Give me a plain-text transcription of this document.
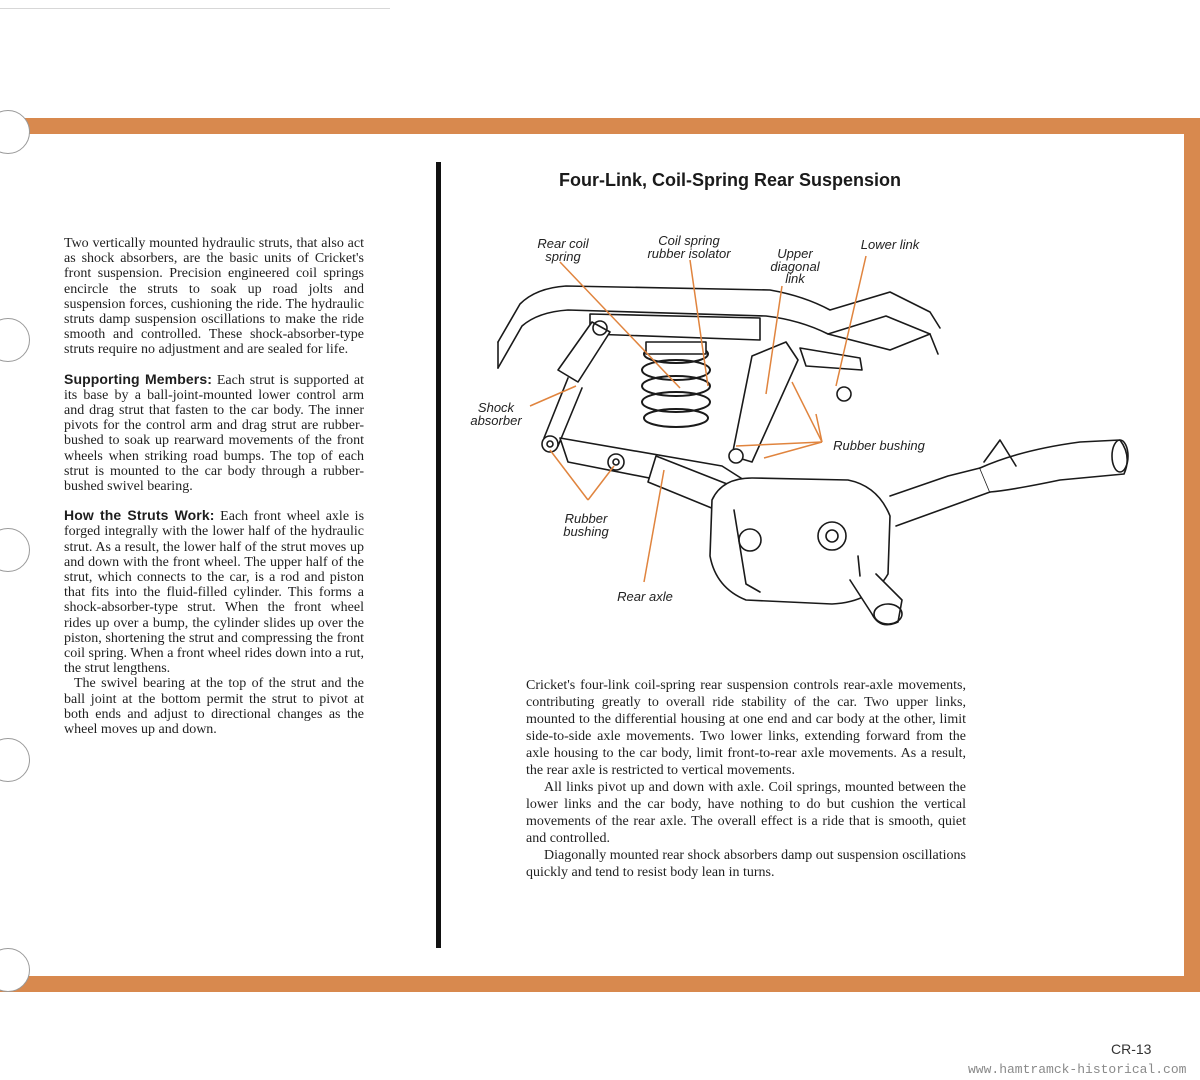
Two vertically mounted hydraulic struts, that also act as shock absorbers, are the basic units of Cricket's front suspension. Precision engineered coil springs encircle the struts to soak up road jolts and suspension forces, cushioning the ride. The hydraulic struts damp suspension oscillations to make the ride smooth and controlled. These shock-absorber-type struts require no adjustment and are sealed for life.

Supporting Members: Each strut is supported at its base by a ball-joint-mounted lower control arm and drag strut that fasten to the car body. The inner pivots for the control arm and drag strut are rubber-bushed to soak up rearward movements of the front wheels when striking road bumps. The top of each strut is mounted to the car body through a rubber-bushed swivel bearing.

How the Struts Work: Each front wheel axle is forged integrally with the lower half of the hydraulic strut. As a result, the lower half of the strut moves up and down with the front wheel. The upper half of the strut, which connects to the car, is a rod and piston that fits into the fluid-filled cylinder. This forms a shock-absorber-type strut. When the front wheel rides up over a bump, the cylinder slides up over the piston, shortening the strut and compressing the front coil spring. When a front wheel rides down into a rut, the strut lengthens.

The swivel bearing at the top of the strut and the ball joint at the bottom permit the strut to pivot at both ends and adjust to directional changes as the wheel moves up and down.

Four-Link, Coil-Spring Rear Suspension
Rear coil
spring
Coil spring
rubber isolator	Upper
diagonal
link
Lower link
Shock
absorber
Rubber bushing
Rubber
bushing
Rear axle

Cricket's four-link coil-spring rear suspension controls rear-axle movements, contributing greatly to overall ride stability of the car. Two upper links, mounted to the differential housing at one end and car body at the other, limit side-to-side axle movements. Two lower links, extending forward from the axle housing to the car body, limit front-to-rear axle movements. As a result, the rear axle is restricted to vertical movements.

All links pivot up and down with axle. Coil springs, mounted between the lower links and the car body, have nothing to do but cushion the vertical movements of the rear axle. The overall effect is a ride that is smooth, quiet and controlled.

Diagonally mounted rear shock absorbers damp out suspension oscillations quickly and tend to resist body lean in turns.

CR-13
www.hamtramck-historical.com
